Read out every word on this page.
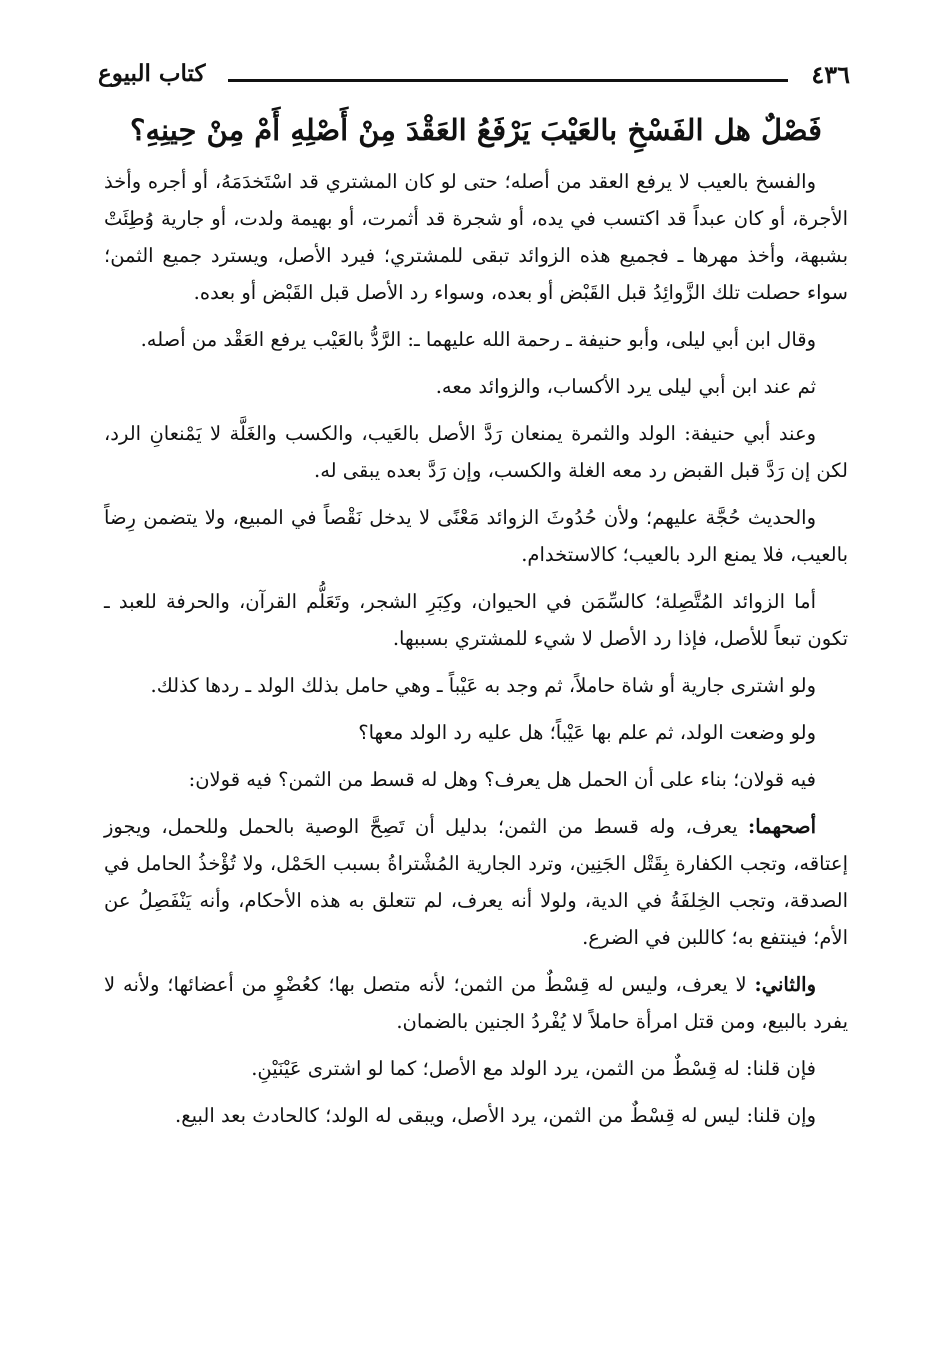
٤٣٦
كتاب البيوع
فَصْلٌ هل الفَسْخِ بالعَيْبَ يَرْفَعُ العَقْدَ مِنْ أَصْلِهِ أَمْ مِنْ حِينِهِ؟

والفسخ بالعيب لا يرفع العقد من أصله؛ حتى لو كان المشتري قد اسْتَخدَمَهُ، أو أجره وأخذ الأجرة، أو كان عبداً قد اكتسب في يده، أو شجرة قد أثمرت، أو بهيمة ولدت، أو جارية وُطِئَتْ بشبهة، وأخذ مهرها ـ فجميع هذه الزوائد تبقى للمشتري؛ فيرد الأصل، ويسترد جميع الثمن؛ سواء حصلت تلك الزَّوائِدُ قبل القَبْض أو بعده، وسواء رد الأصل قبل القَبْض أو بعده.

وقال ابن أبي ليلى، وأبو حنيفة ـ رحمة الله عليهما ـ: الرَّدُّ بالعَيْب يرفع العَقْد من أصله.

ثم عند ابن أبي ليلى يرد الأكساب، والزوائد معه.

وعند أبي حنيفة: الولد والثمرة يمنعان رَدَّ الأصل بالعَيب، والكسب والغَلَّة لا يَمْنعانِ الرد، لكن إن رَدَّ قبل القبض رد معه الغلة والكسب، وإن رَدَّ بعده يبقى له.

والحديث حُجَّة عليهم؛ ولأن حُدُوثَ الزوائد مَعْنًى لا يدخل نَقْصاً في المبيع، ولا يتضمن رِضاً بالعيب، فلا يمنع الرد بالعيب؛ كالاستخدام.

أما الزوائد المُتَّصِلة؛ كالسِّمَن في الحيوان، وكِبَرِ الشجر، وتَعَلُّم القرآن، والحرفة للعبد ـ تكون تبعاً للأصل، فإذا رد الأصل لا شيء للمشتري بسببها.

ولو اشترى جارية أو شاة حاملاً، ثم وجد به عَيْباً ـ وهي حامل بذلك الولد ـ ردها كذلك.

ولو وضعت الولد، ثم علم بها عَيْباً؛ هل عليه رد الولد معها؟

فيه قولان؛ بناء على أن الحمل هل يعرف؟ وهل له قسط من الثمن؟ فيه قولان:

أصحهما: يعرف، وله قسط من الثمن؛ بدليل أن تَصِحَّ الوصية بالحمل وللحمل، ويجوز إعتاقه، وتجب الكفارة بِقَتْل الجَنِين، وترد الجارية المُشْتراةُ بسبب الحَمْل، ولا تُؤْخذُ الحامل في الصدقة، وتجب الخِلفَةُ في الدية، ولولا أنه يعرف، لم تتعلق به هذه الأحكام، وأنه يَنْفَصِلُ عن الأم؛ فينتفع به؛ كاللبن في الضرع.

والثاني: لا يعرف، وليس له قِسْطٌ من الثمن؛ لأنه متصل بها؛ كعُضْوٍ من أعضائها؛ ولأنه لا يفرد بالبيع، ومن قتل امرأة حاملاً لا يُفْردُ الجنين بالضمان.

فإن قلنا: له قِسْطٌ من الثمن، يرد الولد مع الأصل؛ كما لو اشترى عَيْنَيْنِ.

وإن قلنا: ليس له قِسْطٌ من الثمن، يرد الأصل، ويبقى له الولد؛ كالحادث بعد البيع.
